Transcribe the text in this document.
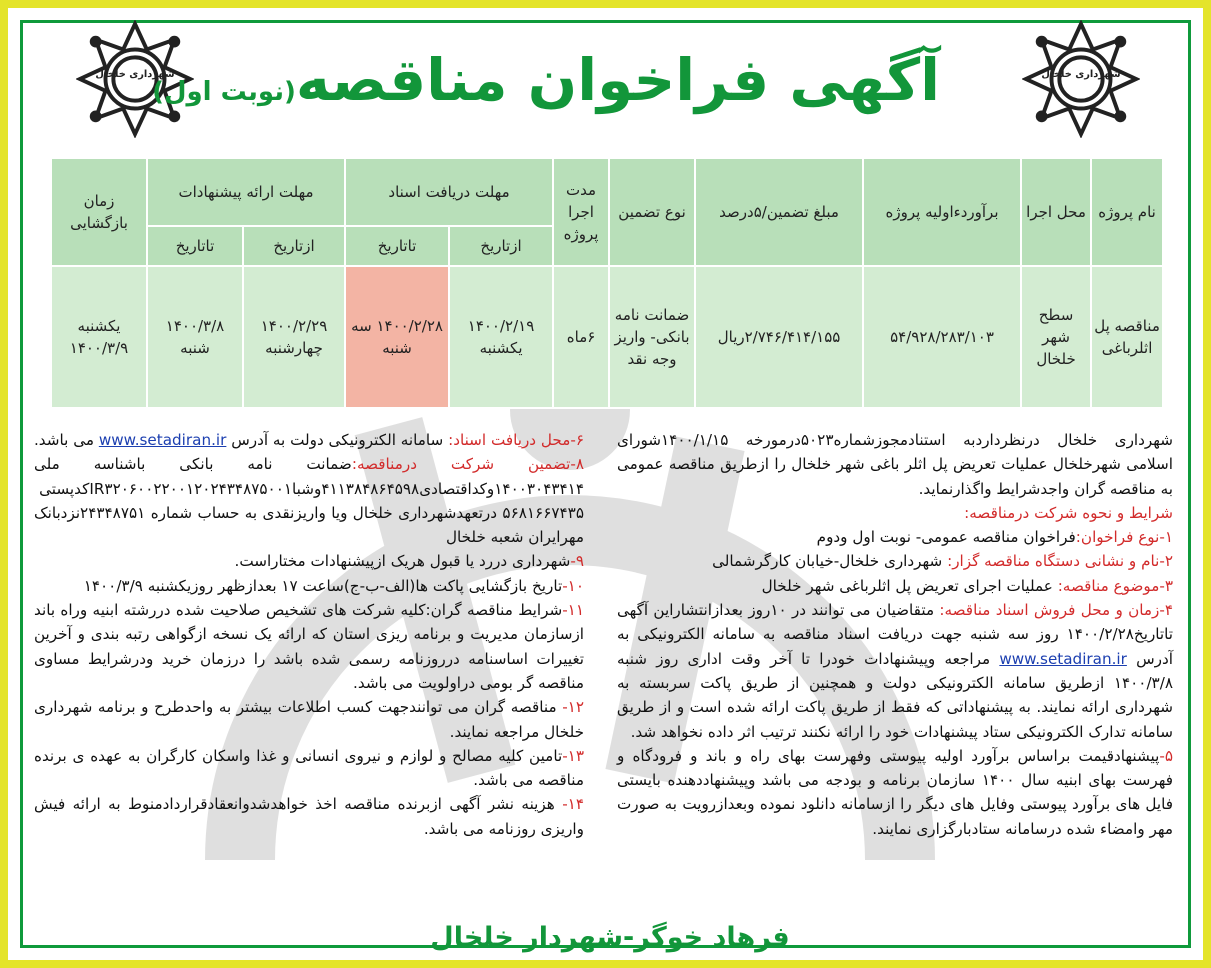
شهرداری خلخال	شهرداری خلخال
آگهی فراخوان مناقصه(نوبت اول)
نام پروژه	محل اجرا	برآوردءاولیه پروژه	مبلغ تضمین/۵درصد	نوع تضمین	مدت اجرا پروژه	مهلت دریافت اسناد		مهلت ارائه پیشنهادات		زمان بازگشایی
						ازتاریخ	تاتاریخ	ازتاریخ	تاتاریخ	
مناقصه پل اثلرباغی	سطح شهر خلخال	۵۴/۹۲۸/۲۸۳/۱۰۳	۲/۷۴۶/۴۱۴/۱۵۵ریال	ضمانت نامه بانکی- واریز وجه نقد	۶ماه	۱۴۰۰/۲/۱۹ یکشنبه	۱۴۰۰/۲/۲۸ سه شنبه	۱۴۰۰/۲/۲۹ چهارشنبه	۱۴۰۰/۳/۸ شنبه	یکشنبه ۱۴۰۰/۳/۹

شهرداری خلخال درنظرداردبه استنادمجوزشماره۵۰۲۳درمورخه ۱۴۰۰/۱/۱۵شورای اسلامی شهرخلخال عملیات تعریض پل اثلر باغی شهر خلخال را ازطریق مناقصه عمومی به مناقصه گران واجدشرایط واگذارنماید.

شرایط و نحوه شرکت درمناقصه:

۱-نوع فراخوان:فراخوان مناقصه عمومی- نوبت اول ودوم

۲-نام و نشانی دستگاه مناقصه گزار: شهرداری خلخال-خیابان کارگرشمالی

۳-موضوع مناقصه: عملیات اجرای تعریض پل اثلرباغی شهر خلخال

۴-زمان و محل فروش اسناد مناقصه: متقاضیان می توانند در ۱۰روز بعدازانتشاراین آگهی تاتاریخ۱۴۰۰/۲/۲۸ روز سه شنبه جهت دریافت اسناد مناقصه به سامانه الکترونیکی به آدرس www.setadiran.ir مراجعه وپیشنهادات خودرا تا آخر وقت اداری روز شنبه ۱۴۰۰/۳/۸ ازطریق سامانه الکترونیکی دولت و همچنین از طریق پاکت سربسته به شهرداری ارائه نمایند. به پیشنهاداتی که فقط از طریق پاکت ارائه شده است و از طریق سامانه تدارک الکترونیکی ستاد پیشنهادات خود را ارائه نکنند ترتیب اثر داده نخواهد شد.

۵-پیشنهادقیمت براساس برآورد اولیه پیوستی وفهرست بهای راه و باند و فرودگاه و فهرست بهای ابنیه سال ۱۴۰۰ سازمان برنامه و بودجه می باشد وپیشنهاددهنده بایستی فایل های برآورد پیوستی وفایل های دیگر را ازسامانه دانلود نموده وبعدازرویت به صورت مهر وامضاء شده درسامانه ستادبارگزاری نمایند.

۶-محل دریافت اسناد: سامانه الکترونیکی دولت به آدرس www.setadiran.ir می باشد.

۸-تضمین شرکت درمناقصه:ضمانت نامه بانکی باشناسه ملی ۱۴۰۰۳۰۴۳۴۱۴وکداقتصادی۴۱۱۳۸۴۸۶۴۵۹۸وشباIR۳۲۰۶۰۰۲۲۰۰۱۲۰۲۴۳۴۸۷۵۰۰۱کدپستی ۵۶۸۱۶۶۷۴۳۵ درتعهدشهرداری خلخال ویا واریزنقدی به حساب شماره ۲۴۳۴۸۷۵۱نزدبانک مهرایران شعبه خلخال

۹-شهرداری دررد یا قبول هریک ازپیشنهادات مختاراست.

۱۰-تاریخ بازگشایی پاکت ها(الف-ب-ج)ساعت ۱۷ بعدازظهر روزیکشنبه ۱۴۰۰/۳/۹

۱۱-شرایط مناقصه گران:کلیه شرکت های تشخیص صلاحیت شده دررشته ابنیه وراه باند ازسازمان مدیریت و برنامه ریزی استان که ارائه یک نسخه ازگواهی رتبه بندی و آخرین تغییرات اساسنامه درروزنامه رسمی شده باشد را درزمان خرید ودرشرایط مساوی مناقصه گر بومی دراولویت می باشد.

۱۲- مناقصه گران می توانندجهت کسب اطلاعات بیشتر به واحدطرح و برنامه شهرداری خلخال مراجعه نمایند.

۱۳-تامین کلیه مصالح و لوازم و نیروی انسانی و غذا واسکان کارگران به عهده ی برنده مناقصه می باشد.

۱۴- هزینه نشر آگهی ازبرنده مناقصه اخذ خواهدشدوانعقادقراردادمنوط به ارائه فیش واریزی روزنامه می باشد.

فرهاد خوگر-شهردار خلخال
